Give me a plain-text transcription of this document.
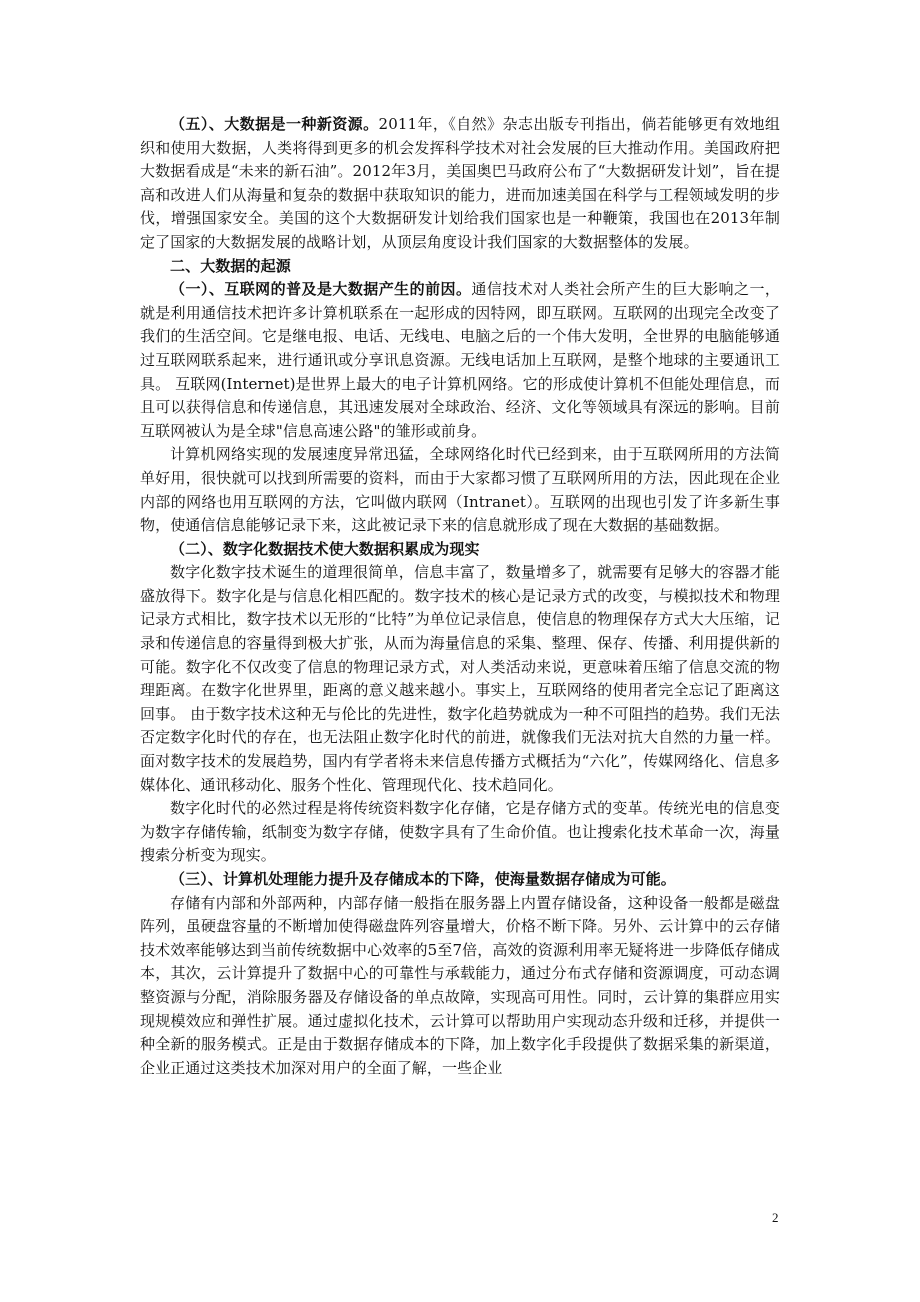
（五）、大数据是一种新资源。2011年，《自然》杂志出版专刊指出，倘若能够更有效地组织和使用大数据，人类将得到更多的机会发挥科学技术对社会发展的巨大推动作用。美国政府把大数据看成是“未来的新石油”。2012年3月，美国奥巴马政府公布了“大数据研发计划”，旨在提高和改进人们从海量和复杂的数据中获取知识的能力，进而加速美国在科学与工程领域发明的步伐，增强国家安全。美国的这个大数据研发计划给我们国家也是一种鞭策，我国也在2013年制定了国家的大数据发展的战略计划，从顶层角度设计我们国家的大数据整体的发展。

二、大数据的起源

（一）、互联网的普及是大数据产生的前因。通信技术对人类社会所产生的巨大影响之一，就是利用通信技术把许多计算机联系在一起形成的因特网，即互联网。互联网的出现完全改变了我们的生活空间。它是继电报、电话、无线电、电脑之后的一个伟大发明，全世界的电脑能够通过互联网联系起来，进行通讯或分享讯息资源。无线电话加上互联网，是整个地球的主要通讯工具。 互联网(Internet)是世界上最大的电子计算机网络。它的形成使计算机不但能处理信息，而且可以获得信息和传递信息，其迅速发展对全球政治、经济、文化等领域具有深远的影响。目前互联网被认为是全球"信息高速公路"的雏形或前身。

计算机网络实现的发展速度异常迅猛，全球网络化时代已经到来，由于互联网所用的方法简单好用，很快就可以找到所需要的资料，而由于大家都习惯了互联网所用的方法，因此现在企业内部的网络也用互联网的方法，它叫做内联网（Intranet）。互联网的出现也引发了许多新生事物，使通信信息能够记录下来，这此被记录下来的信息就形成了现在大数据的基础数据。

（二）、数字化数据技术使大数据积累成为现实

数字化数字技术诞生的道理很简单，信息丰富了，数量增多了，就需要有足够大的容器才能盛放得下。数字化是与信息化相匹配的。数字技术的核心是记录方式的改变，与模拟技术和物理记录方式相比，数字技术以无形的“比特”为单位记录信息，使信息的物理保存方式大大压缩，记录和传递信息的容量得到极大扩张，从而为海量信息的采集、整理、保存、传播、利用提供新的可能。数字化不仅改变了信息的物理记录方式，对人类活动来说，更意味着压缩了信息交流的物理距离。在数字化世界里，距离的意义越来越小。事实上，互联网络的使用者完全忘记了距离这回事。 由于数字技术这种无与伦比的先进性，数字化趋势就成为一种不可阻挡的趋势。我们无法否定数字化时代的存在，也无法阻止数字化时代的前进，就像我们无法对抗大自然的力量一样。面对数字技术的发展趋势，国内有学者将未来信息传播方式概括为“六化”，传媒网络化、信息多媒体化、通讯移动化、服务个性化、管理现代化、技术趋同化。

数字化时代的必然过程是将传统资料数字化存储，它是存储方式的变革。传统光电的信息变为数字存储传输，纸制变为数字存储，使数字具有了生命价值。也让搜索化技术革命一次，海量搜索分析变为现实。

（三）、计算机处理能力提升及存储成本的下降，使海量数据存储成为可能。

存储有内部和外部两种，内部存储一般指在服务器上内置存储设备，这种设备一般都是磁盘阵列，虽硬盘容量的不断增加使得磁盘阵列容量增大，价格不断下降。另外、云计算中的云存储技术效率能够达到当前传统数据中心效率的5至7倍，高效的资源利用率无疑将进一步降低存储成本，其次，云计算提升了数据中心的可靠性与承载能力，通过分布式存储和资源调度，可动态调整资源与分配，消除服务器及存储设备的单点故障，实现高可用性。同时，云计算的集群应用实现规模效应和弹性扩展。通过虚拟化技术，云计算可以帮助用户实现动态升级和迁移，并提供一种全新的服务模式。正是由于数据存储成本的下降，加上数字化手段提供了数据采集的新渠道，企业正通过这类技术加深对用户的全面了解，一些企业

2
